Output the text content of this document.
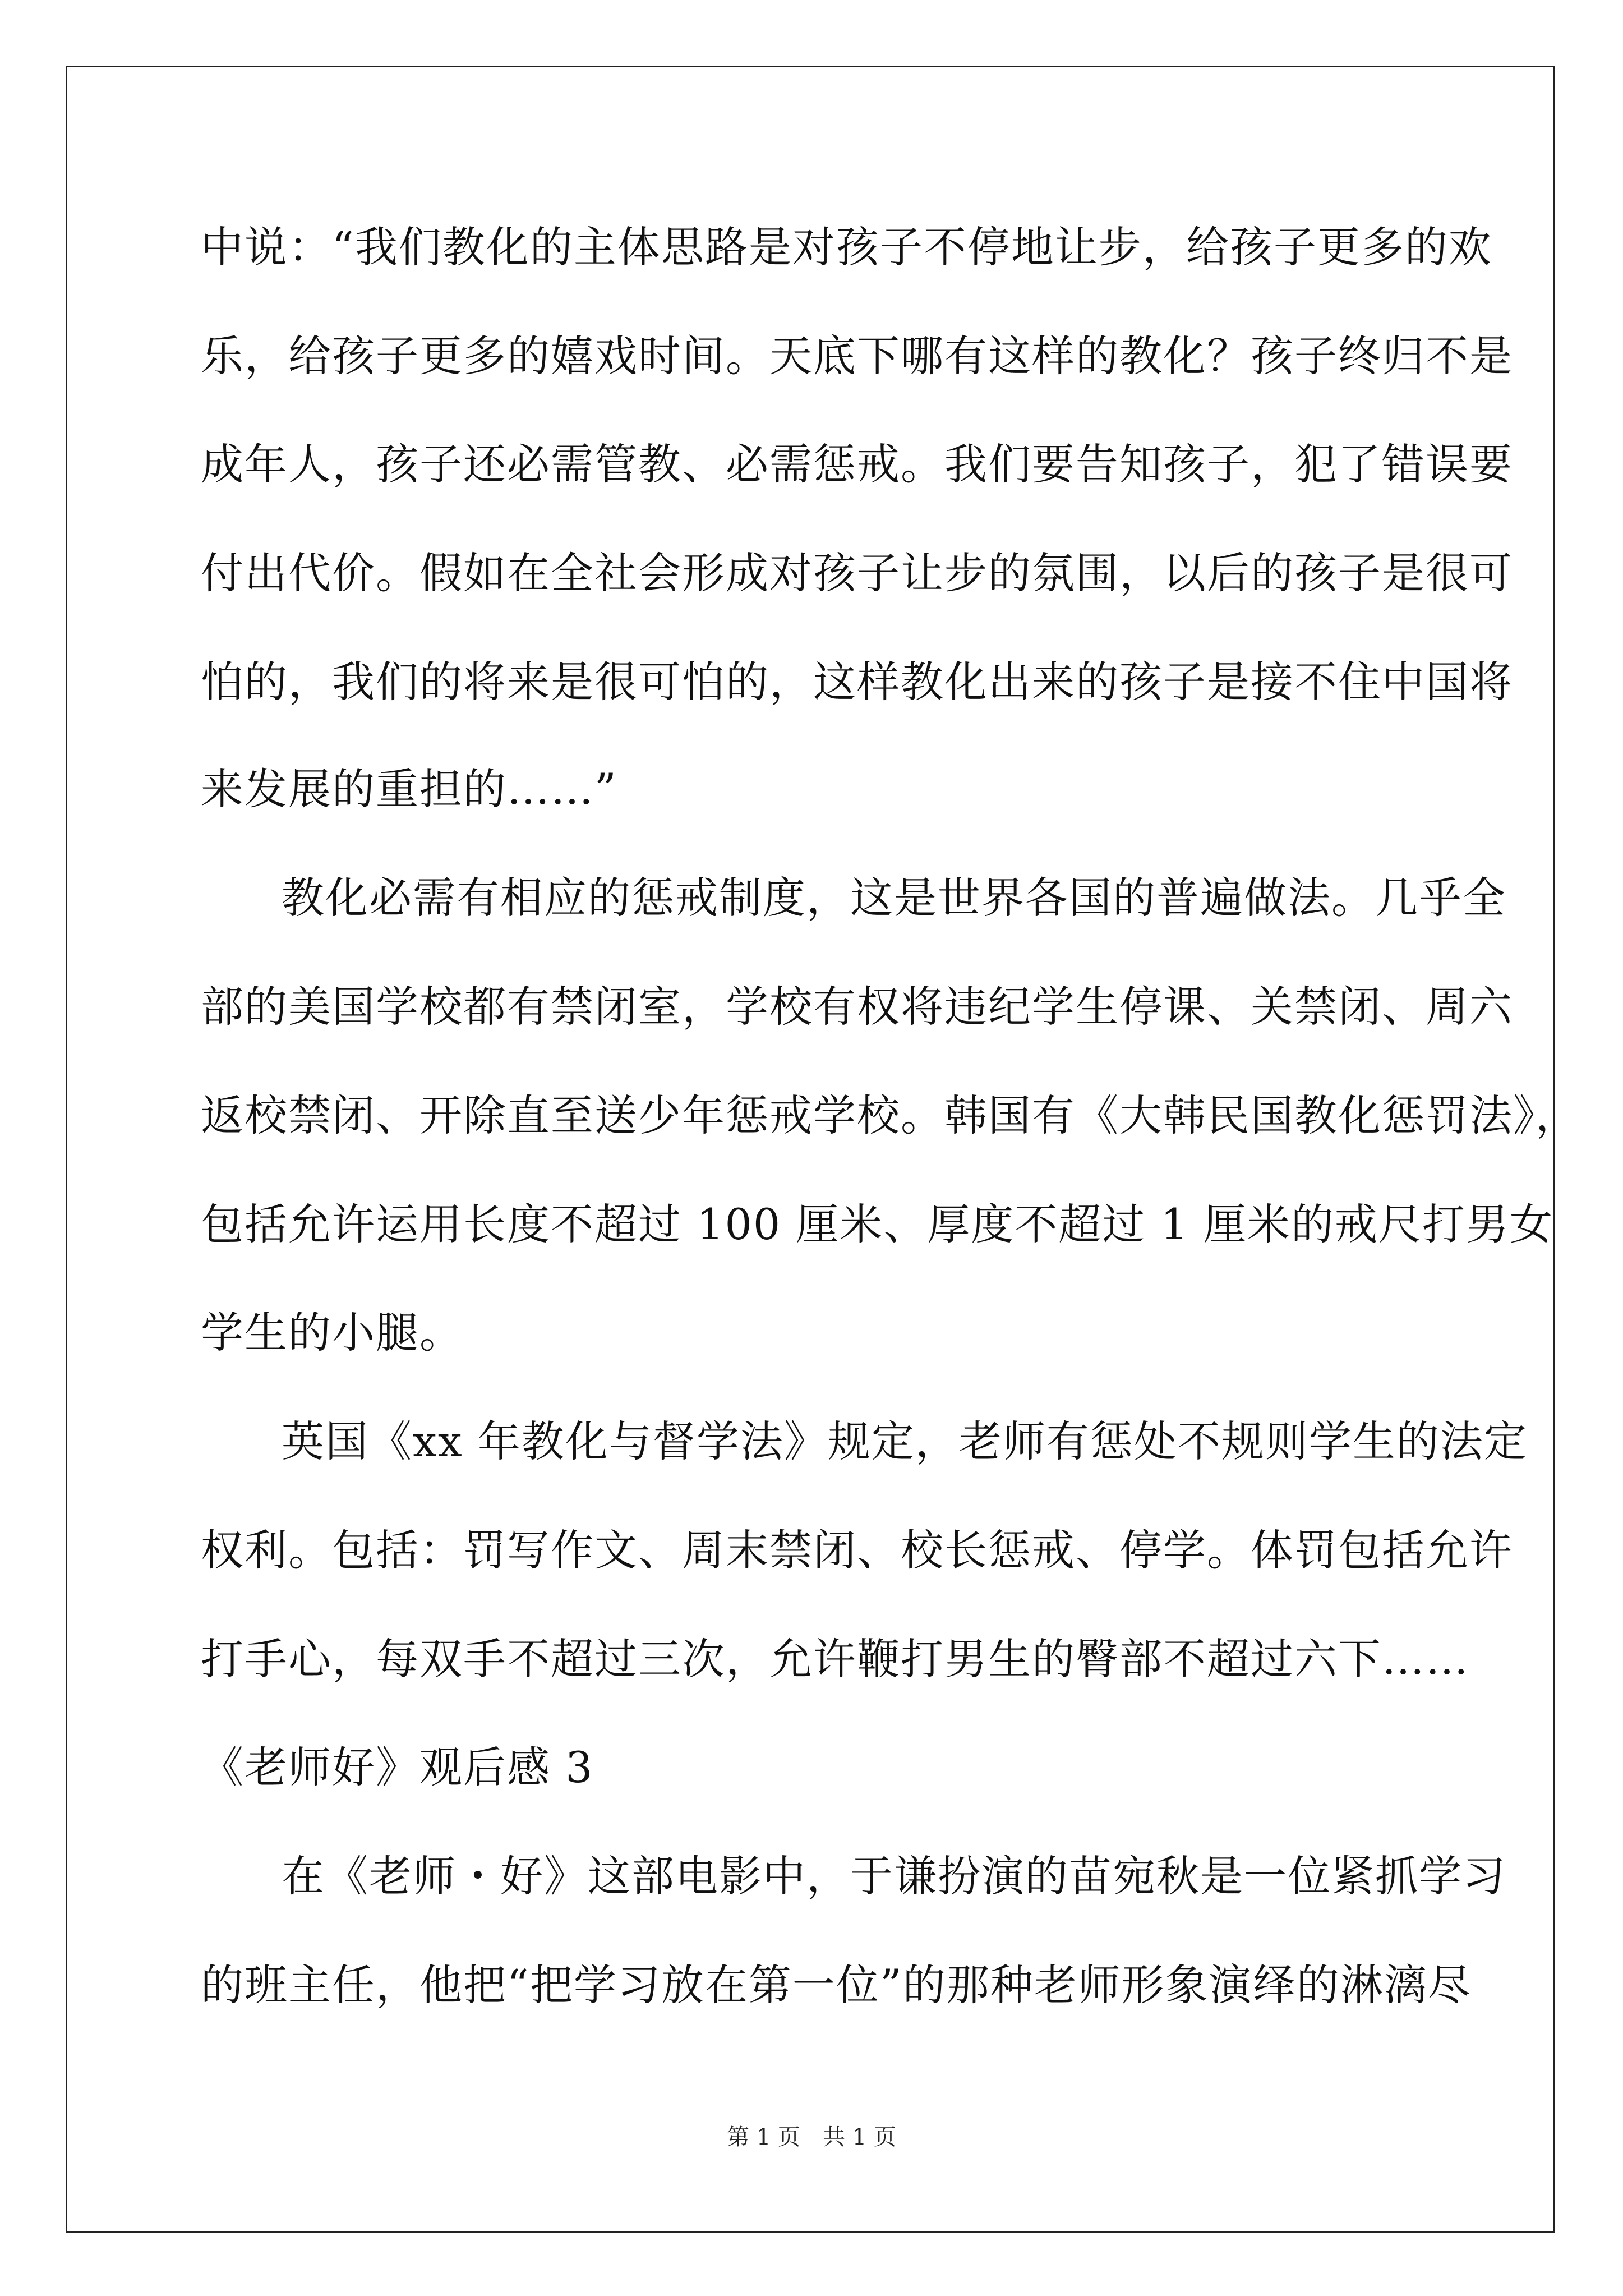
中说：“我们教化的主体思路是对孩子不停地让步，给孩子更多的欢
乐，给孩子更多的嬉戏时间。天底下哪有这样的教化？孩子终归不是
成年人，孩子还必需管教、必需惩戒。我们要告知孩子，犯了错误要
付出代价。假如在全社会形成对孩子让步的氛围，以后的孩子是很可
怕的，我们的将来是很可怕的，这样教化出来的孩子是接不住中国将
来发展的重担的……”
教化必需有相应的惩戒制度，这是世界各国的普遍做法。几乎全
部的美国学校都有禁闭室，学校有权将违纪学生停课、关禁闭、周六
返校禁闭、开除直至送少年惩戒学校。韩国有《大韩民国教化惩罚法》，
包括允许运用长度不超过 100 厘米、厚度不超过 1 厘米的戒尺打男女
学生的小腿。
英国《xx 年教化与督学法》规定，老师有惩处不规则学生的法定
权利。包括：罚写作文、周末禁闭、校长惩戒、停学。体罚包括允许
打手心，每双手不超过三次，允许鞭打男生的臀部不超过六下……
《老师好》观后感 3
在《老师・好》这部电影中，于谦扮演的苗宛秋是一位紧抓学习
的班主任，他把“把学习放在第一位”的那种老师形象演绎的淋漓尽
第 1 页　共 1 页
